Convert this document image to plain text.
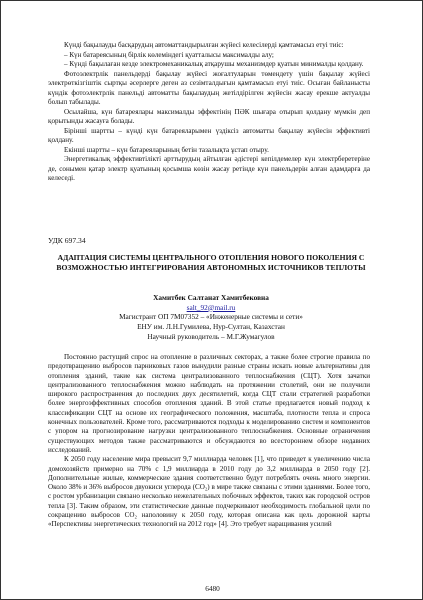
Күнді бақылауды басқарудың автоматтандырылған жүйесі келесілерді қамтамасыз етуі тиіс:

– Күн батареясының бірлік көлеміндегі қуатталысы максималды алу;

– Күнді бақылаған кезде электромеханикалық атқарушы механизмдер қуатын минималды қолдану.

Фотоэлектрлік панельдерді бақылау жүйесі жоғалтуларын төмендету үшін бақылау жүйесі электрөткізгіштік сыртқы әсерлерге деген аз сезімталдығын қамтамасыз етуі тиіс. Осыған байланысты күндік фотоэлектрлік панельді автоматты бақылаудың жетілдірілген жүйесін жасау ерекше актуалды болып табылады.

Осылайша, күн батареялары максималды эффектінің ПӘК шығара отырып қолдану мүмкін деп қорытынды жасауға болады.

Бірінші шартты – күнді күн батареяларымен үздіксіз автоматты бақылау жүйесін эффективті қолдану.

Екінші шартты – күн батареяларының бетін тазалықта ұстап отыру.

Энергетикалық эффективтілікті арттырудың айтылған әдістері кепілдемелер күн электрберетеріне де, сонымен қатар электр қуатының қосымша көзін жасау ретінде күн панельдерін алған адамдарға да келеседі.

УДК 697.34
АДАПТАЦИЯ СИСТЕМЫ ЦЕНТРАЛЬНОГО ОТОПЛЕНИЯ НОВОГО ПОКОЛЕНИЯ С ВОЗМОЖНОСТЬЮ ИНТЕГРИРОВАНИЯ АВТОНОМНЫХ ИСТОЧНИКОВ ТЕПЛОТЫ
Хамитбек Салтанат Хамитбековна
salt_92@mail.ru
Магистрант ОП 7М07352 – «Инженерные системы и сети»
ЕНУ им. Л.Н.Гумилева, Нур-Султан, Казахстан
Научный руководитель – М.Г.Жумагулов

Постоянно растущий спрос на отопление в различных секторах, а также более строгие правила по предотвращению выбросов парниковых газов вынудили разные страны искать новые альтернативы для отопления зданий, такие как система централизованного теплоснабжения (СЦТ). Хотя зачатки централизованного теплоснабжения можно наблюдать на протяжении столетий, они не получили широкого распространения до последних двух десятилетий, когда СЦТ стали стратегией разработки более энергоэффективных способов отопления зданий. В этой статье предлагается новый подход к классификации СЦТ на основе их географического положения, масштаба, плотности тепла и спроса конечных пользователей. Кроме того, рассматриваются подходы к моделированию систем и компонентов с упором на прогнозирование нагрузки централизованного теплоснабжения. Основные ограничения существующих методов также рассматриваются и обсуждаются во всестороннем обзоре недавних исследований.

К 2050 году население мира превысит 9,7 миллиарда человек [1], что приведет к увеличению числа домохозяйств примерно на 70% с 1,9 миллиарда в 2010 году до 3,2 миллиарда в 2050 году [2]. Дополнительные жилые, коммерческие здания соответственно будут потреблять очень много энергии. Около 38% и 36% выбросов двуокиси углерода (CO₂) в мире также связаны с этими зданиями. Более того, с ростом урбанизации связано несколько нежелательных побочных эффектов, таких как городской остров тепла [3]. Таким образом, эти статистические данные подчеркивают необходимость глобальной цели по сокращению выбросов CO₂ наполовину к 2050 году, которая описана как цель дорожной карты «Перспективы энергетических технологий на 2012 год» [4]. Это требует наращивания усилий

6480
